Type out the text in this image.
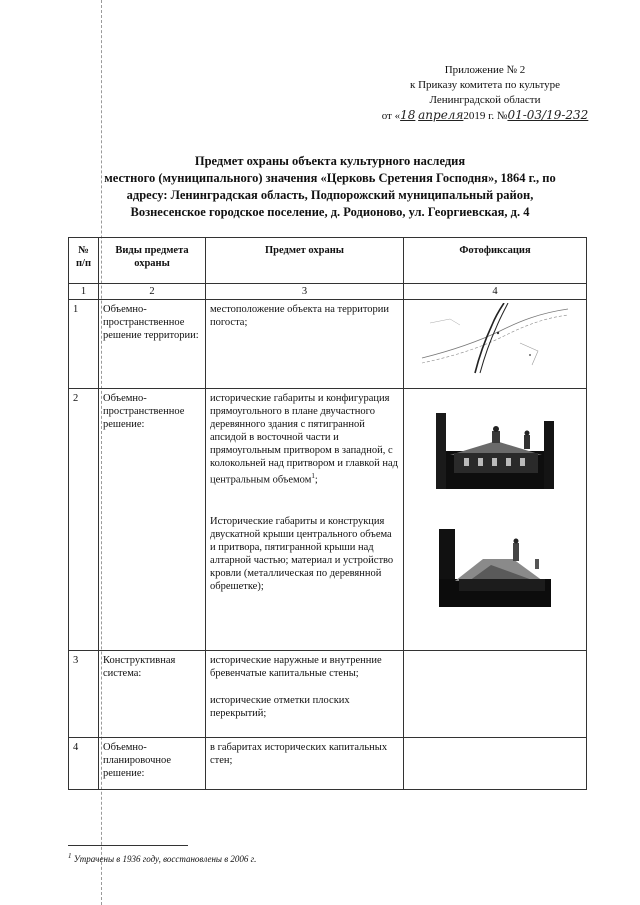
Приложение № 2
к Приказу комитета по культуре
Ленинградской области
от «18 апреля2019 г. №01-03/19-232
Предмет охраны объекта культурного наследия
местного (муниципального) значения «Церковь Сретения Господня», 1864 г., по
адресу: Ленинградская область, Подпорожский муниципальный район,
Вознесенское городское поселение, д. Родионово, ул. Георгиевская, д. 4
№ п/п	Виды предмета охраны	Предмет охраны	Фотофиксация
1	2	3	4
1	Объемно-пространственное решение территории:	местоположение объекта на территории погоста;

2	Объемно-пространственное решение:	исторические габариты и конфигурация прямоугольного в плане двучастного деревянного здания с пятигранной апсидой в восточной части и прямоугольным притвором в западной, с колокольней над притвором и главкой над центральным объемом$^1$;
Исторические габариты и конструкция двускатной крыши центрального объема и притвора, пятигранной крыши над алтарной частью; материал и устройство кровли (металлическая по деревянной обрешетке);

3	Конструктивная система:	исторические наружные и внутренние бревенчатые капитальные стены;
исторические отметки плоских перекрытий;	

4	Объемно-планировочное решение:	в габаритах исторических капитальных стен;	

$^1$ Утрачены в 1936 году, восстановлены в 2006 г.
